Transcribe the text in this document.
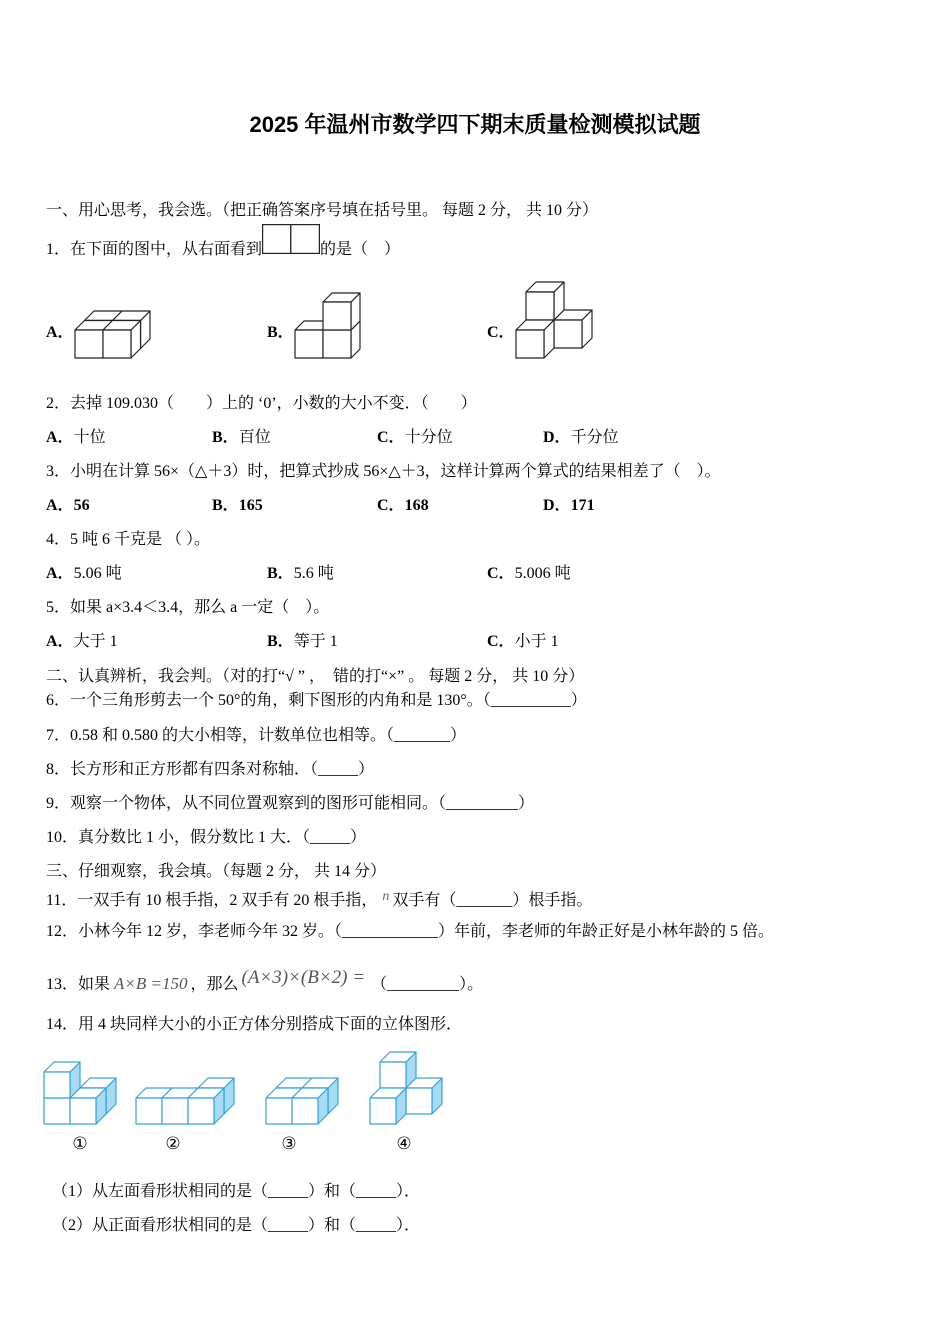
2025 年温州市数学四下期末质量检测模拟试题
一、用心思考，我会选。（把正确答案序号填在括号里。 每题 2 分， 共 10 分）
1．在下面的图中，从右面看到	的是（    ）
A．	B．	C．
2．去掉 109.030（        ）上的 ‘0’，小数的大小不变．（        ）
A．十位	B．百位	C．十分位	D．千分位
3．小明在计算 56×（△＋3）时，把算式抄成 56×△＋3，这样计算两个算式的结果相差了（    ）。
A．56	B．165	C．168	D．171
4．5 吨 6 千克是 （ ）。
A．5.06 吨	B．5.6 吨	C．5.006 吨
5．如果 a×3.4＜3.4，那么 a 一定（    ）。
A．大于 1	B．等于 1	C．小于 1
二、认真辨析，我会判。（对的打“√ ” ，  错的打“×” 。 每题 2 分， 共 10 分）
6．一个三角形剪去一个 50°的角，剩下图形的内角和是 130°。（__________）
7．0.58 和 0.580 的大小相等，计数单位也相等。（_______）
8．长方形和正方形都有四条对称轴．（_____）
9．观察一个物体，从不同位置观察到的图形可能相同。（_________）
10．真分数比 1 小，假分数比 1 大．（_____）
三、仔细观察，我会填。（每题 2 分， 共 14 分）
11．一双手有 10 根手指，2 双手有 20 根手指， n 双手有（_______）根手指。
12．小林今年 12 岁，李老师今年 32 岁。（____________）年前，李老师的年龄正好是小林年龄的 5 倍。
13．如果 A×B =150 ，那么 (A×3)×(B×2) = （_________）。
14．用 4 块同样大小的小正方体分别搭成下面的立体图形．
①	②	③	④
（1）从左面看形状相同的是（_____）和（_____）．
（2）从正面看形状相同的是（_____）和（_____）．
